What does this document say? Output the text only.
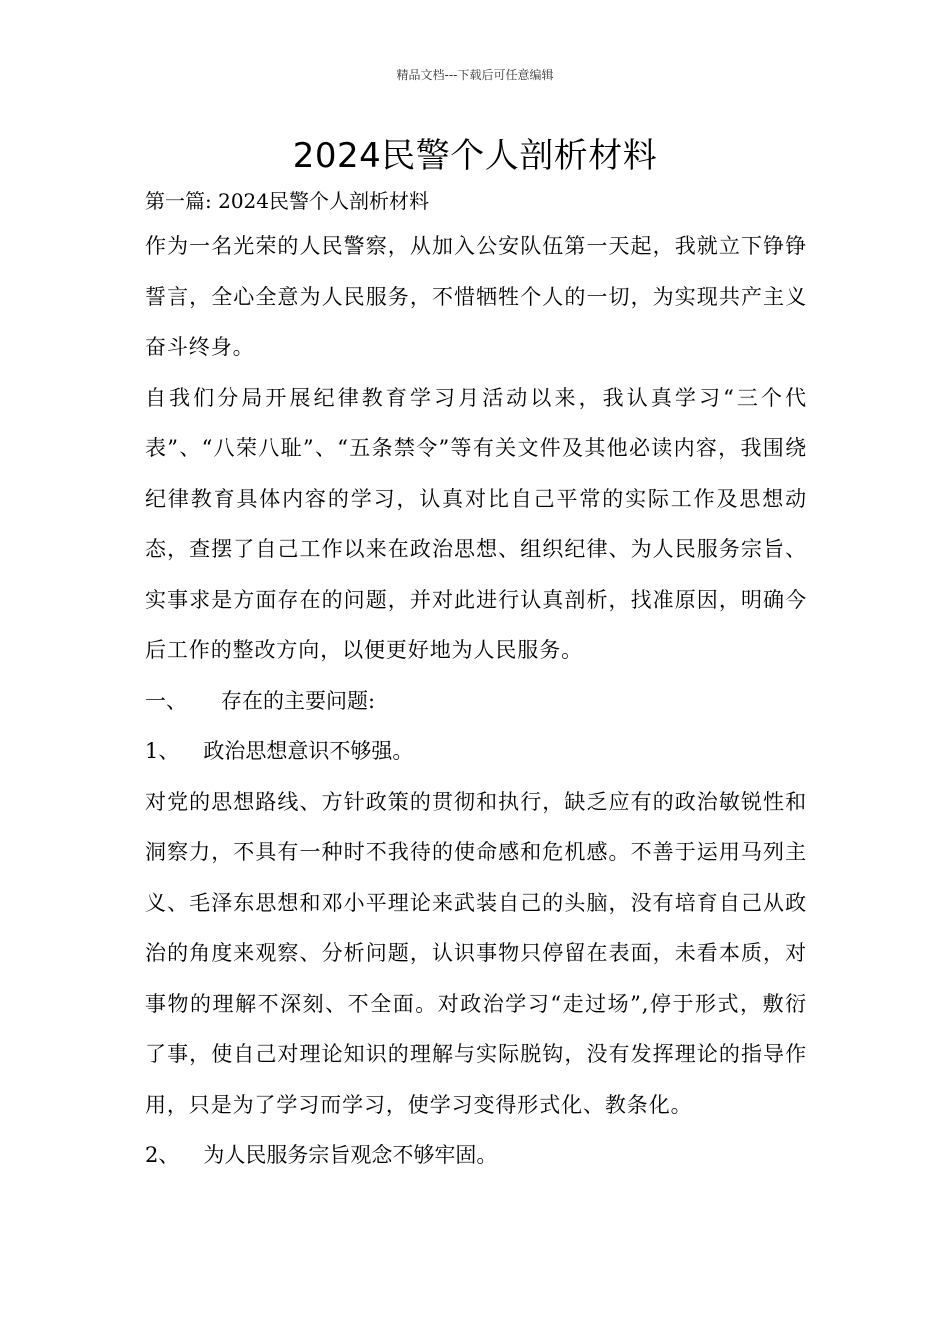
精品文档---下载后可任意编辑
2024民警个人剖析材料

第一篇: 2024民警个人剖析材料

作为一名光荣的人民警察，从加入公安队伍第一天起，我就立下铮铮誓言，全心全意为人民服务，不惜牺牲个人的一切，为实现共产主义奋斗终身。

自我们分局开展纪律教育学习月活动以来，我认真学习“三个代表”、“八荣八耻”、“五条禁令”等有关文件及其他必读内容，我围绕纪律教育具体内容的学习，认真对比自己平常的实际工作及思想动态，查摆了自己工作以来在政治思想、组织纪律、为人民服务宗旨、实事求是方面存在的问题，并对此进行认真剖析，找准原因，明确今后工作的整改方向，以便更好地为人民服务。

一、 存在的主要问题:

1、 政治思想意识不够强。

对党的思想路线、方针政策的贯彻和执行，缺乏应有的政治敏锐性和洞察力，不具有一种时不我待的使命感和危机感。不善于运用马列主义、毛泽东思想和邓小平理论来武装自己的头脑，没有培育自己从政治的角度来观察、分析问题，认识事物只停留在表面，未看本质，对事物的理解不深刻、不全面。对政治学习“走过场”,停于形式，敷衍了事，使自己对理论知识的理解与实际脱钩，没有发挥理论的指导作用，只是为了学习而学习，使学习变得形式化、教条化。

2、 为人民服务宗旨观念不够牢固。
